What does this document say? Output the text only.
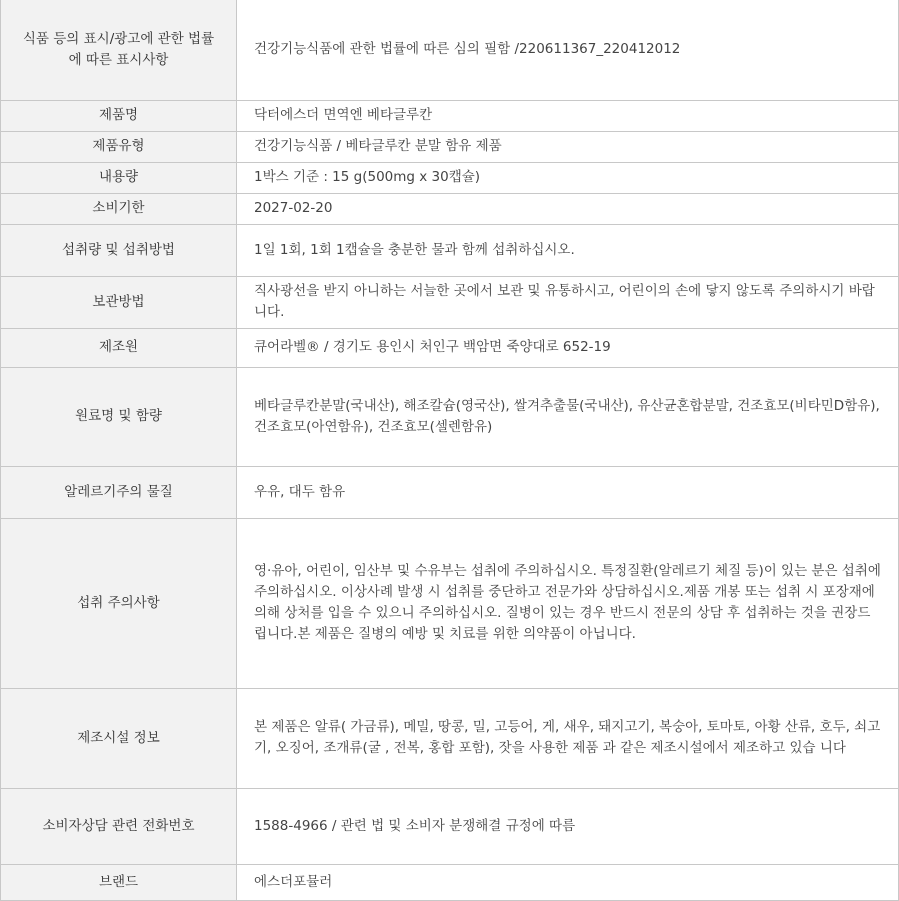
식품 등의 표시/광고에 관한 법률에 따른 표시사항	건강기능식품에 관한 법률에 따른 심의 필함 /220611367_220412012
제품명	닥터에스더 면역엔 베타글루칸
제품유형	건강기능식품 / 베타글루칸 분말 함유 제품
내용량	1박스 기준 : 15 g(500mg x 30캡슐)
소비기한	2027-02-20
섭취량 및 섭취방법	1일 1회, 1회 1캡슐을 충분한 물과 함께 섭취하십시오.
보관방법	직사광선을 받지 아니하는 서늘한 곳에서 보관 및 유통하시고, 어린이의 손에 닿지 않도록 주의하시기 바랍니다.
제조원	큐어라벨® / 경기도 용인시 처인구 백암면 죽양대로 652-19
원료명 및 함량	베타글루칸분말(국내산), 해조칼슘(영국산), 쌀겨추출물(국내산), 유산균혼합분말, 건조효모(비타민D함유), 건조효모(아연함유), 건조효모(셀렌함유)
알레르기주의 물질	우유, 대두 함유
섭취 주의사항	영·유아, 어린이, 임산부 및 수유부는 섭취에 주의하십시오. 특정질환(알레르기 체질 등)이 있는 분은 섭취에 주의하십시오. 이상사례 발생 시 섭취를 중단하고 전문가와 상담하십시오.제품 개봉 또는 섭취 시 포장재에 의해 상처를 입을 수 있으니 주의하십시오. 질병이 있는 경우 반드시 전문의 상담 후 섭취하는 것을 권장드립니다.본 제품은 질병의 예방 및 치료를 위한 의약품이 아닙니다.
제조시설 정보	본 제품은 알류( 가금류), 메밀, 땅콩, 밀, 고등어, 게, 새우, 돼지고기, 복숭아, 토마토, 아황 산류, 호두, 쇠고기, 오징어, 조개류(굴 , 전복, 홍합 포함), 잣을 사용한 제품 과 같은 제조시설에서 제조하고 있습 니다
소비자상담 관련 전화번호	1588-4966 / 관련 법 및 소비자 분쟁해결 규정에 따름
브랜드	에스더포뮬러
